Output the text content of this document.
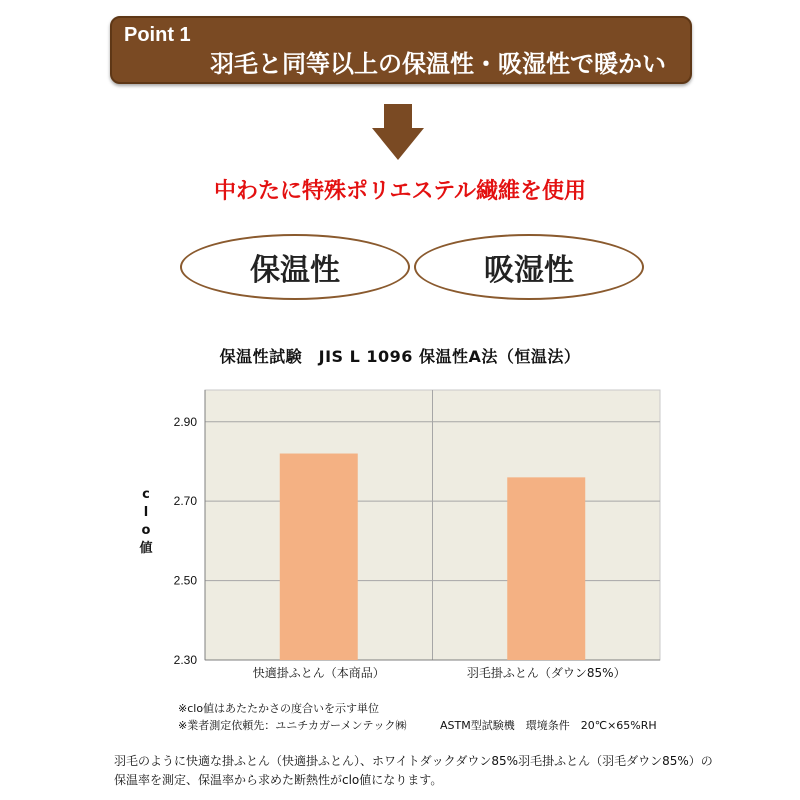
Point 1
羽毛と同等以上の保温性・吸湿性で暖かい
中わたに特殊ポリエステル繊維を使用
保温性	吸湿性
保温性試験　JIS L 1096 保温性A法（恒温法）
2.30
2.50
2.70
2.90
快適掛ふとん（本商品）	羽毛掛ふとん（ダウン85%）
c l o 値
※clo値はあたたかさの度合いを示す単位
※業者測定依頼先：ユニチカガーメンテック㈱	ASTM型試験機　環境条件　20℃×65%RH
羽毛のように快適な掛ふとん（快適掛ふとん）、ホワイトダックダウン85%羽毛掛ふとん（羽毛ダウン85%）の
保温率を測定、保温率から求めた断熱性がclo値になります。
